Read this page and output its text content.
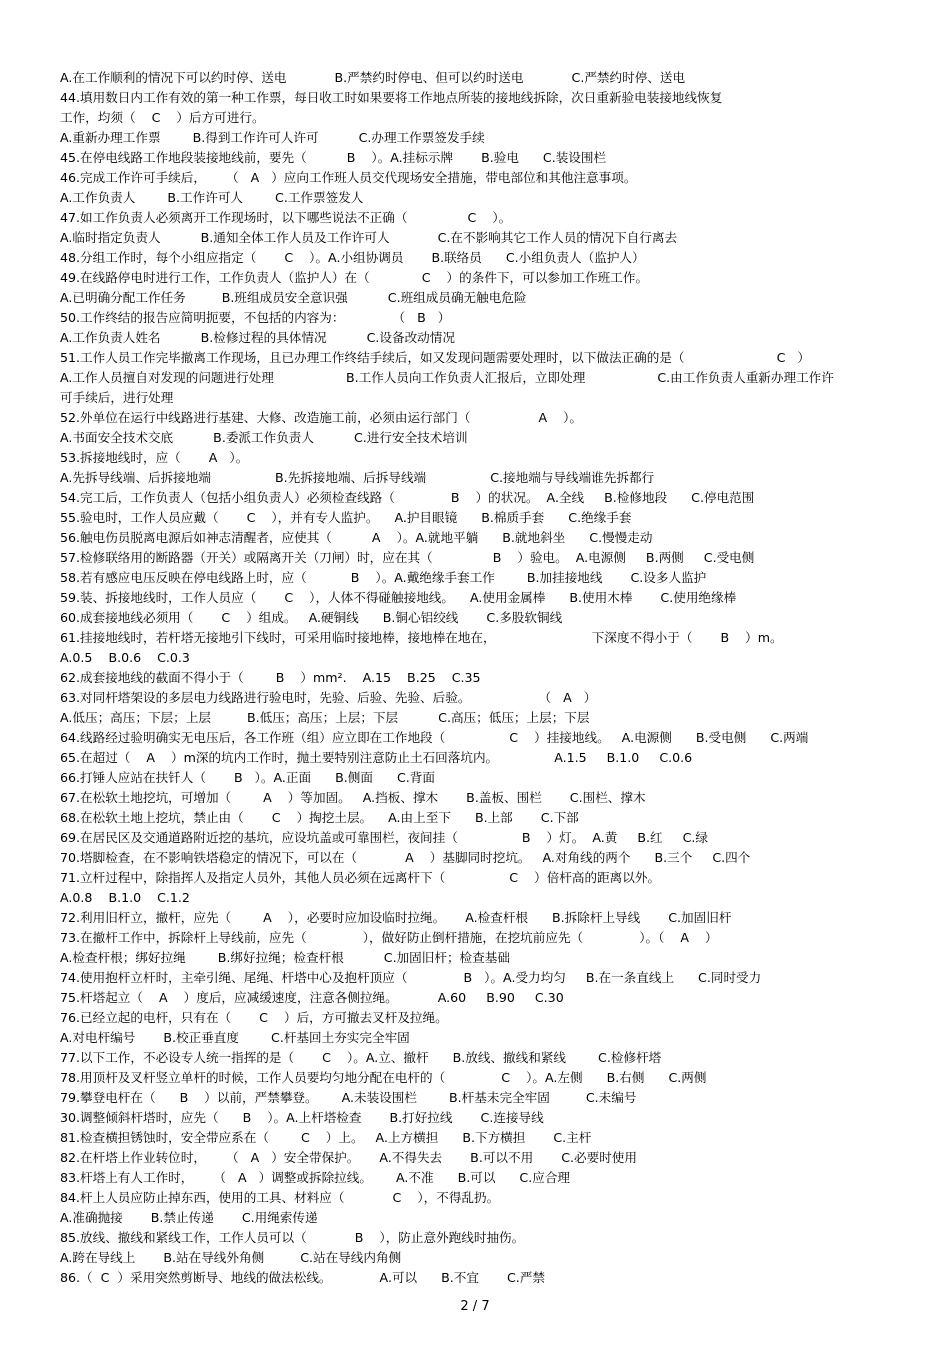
A.在工作顺利的情况下可以约时停、送电            B.严禁约时停电、但可以约时送电            C.严禁约时停、送电
44.填用数日内工作有效的第一种工作票，每日收工时如果要将工作地点所装的接地线拆除，次日重新验电装接地线恢复
工作，均须（    C    ）后方可进行。
A.重新办理工作票        B.得到工作许可人许可          C.办理工作票签发手续
45.在停电线路工作地段装接地线前，要先（          B    ）。A.挂标示牌       B.验电      C.装设围栏
46.完成工作许可手续后，     （   A   ）应向工作班人员交代现场安全措施，带电部位和其他注意事项。
A.工作负责人        B.工作许可人        C.工作票签发人
47.如工作负责人必须离开工作现场时，以下哪些说法不正确（               C    ）。
A.临时指定负责人          B.通知全体工作人员及工作许可人            C.在不影响其它工作人员的情况下自行离去
48.分组工作时，每个小组应指定（       C    ）。A.小组协调员       B.联络员      C.小组负责人（监护人）
49.在线路停电时进行工作，工作负责人（监护人）在（             C    ）的条件下，可以参加工作班工作。
A.已明确分配工作任务         B.班组成员安全意识强          C.班组成员确无触电危险
50.工作终结的报告应简明扼要，不包括的内容为：            （   B   ）
A.工作负责人姓名          B.检修过程的具体情况          C.设备改动情况
51.工作人员工作完毕撤离工作现场，且已办理工作终结手续后，如又发现问题需要处理时，以下做法正确的是（                       C   ）
A.工作人员擅自对发现的问题进行处理                  B.工作人员向工作负责人汇报后，立即处理                  C.由工作负责人重新办理工作许
可手续后，进行处理
52.外单位在运行中线路进行基建、大修、改造施工前，必须由运行部门（                 A    ）。
A.书面安全技术交底          B.委派工作负责人          C.进行安全技术培训
53.拆接地线时，应（       A   ）。
A.先拆导线端、后拆接地端                B.先拆接地端、后拆导线端                C.接地端与导线端谁先拆都行
54.完工后，工作负责人（包括小组负责人）必须检查线路（              B    ）的状况。  A.全线     B.检修地段      C.停电范围
55.验电时，工作人员应戴（       C    ），并有专人监护。    A.护目眼镜      B.棉质手套      C.绝缘手套
56.触电伤员脱离电源后如神志清醒者，应使其（          A    ）。A.就地平躺      B.就地斜坐      C.慢慢走动
57.检修联络用的断路器（开关）或隔离开关（刀闸）时，应在其（               B    ）验电。  A.电源侧     B.两侧     C.受电侧
58.若有感应电压反映在停电线路上时，应（           B    ）。A.戴绝缘手套工作        B.加挂接地线       C.设多人监护
59.装、拆接地线时，工作人员应（       C    ），人体不得碰触接地线。    A.使用金属棒      B.使用木棒       C.使用绝缘棒
60.成套接地线必须用（       C    ）组成。   A.硬铜线      B.铜心铝绞线       C.多股软铜线
61.挂接地线时，若杆塔无接地引下线时，可采用临时接地棒，接地棒在地在，                        下深度不得小于（       B    ）m。
A.0.5    B.0.6    C.0.3
62.成套接地线的截面不得小于（        B    ）mm².    A.15    B.25    C.35
63.对同杆塔架设的多层电力线路进行验电时，先验、后验、先验、后验。                 （   A   ）
A.低压；高压；下层；上层         B.低压；高压；上层；下层          C.高压；低压；上层；下层
64.线路经过验明确实无电压后，各工作班（组）应立即在工作地段（                C    ）挂接地线。   A.电源侧      B.受电侧      C.两端
65.在超过（    A    ）m深的坑内工作时，抛土要特别注意防止土石回落坑内。              A.1.5     B.1.0     C.0.6
66.打锤人应站在扶钎人（       B   ）。A.正面      B.侧面      C.背面
67.在松软土地挖坑，可增加（        A    ）等加固。   A.挡板、撑木       B.盖板、围栏       C.围栏、撑木
68.在松软土地上挖坑，禁止由（       C    ）掏挖土层。    A.由上至下      B.上部       C.下部
69.在居民区及交通道路附近挖的基坑，应设坑盖或可靠围栏，夜间挂（                B    ）灯。  A.黄     B.红     C.绿
70.塔脚检查，在不影响铁塔稳定的情况下，可以在（            A    ）基脚同时挖坑。   A.对角线的两个      B.三个     C.四个
71.立杆过程中，除指挥人及指定人员外，其他人员必须在远离杆下（                C    ）倍杆高的距离以外。
A.0.8    B.1.0    C.1.2
72.利用旧杆立，撤杆，应先（        A    ），必要时应加设临时拉绳。     A.检查杆根      B.拆除杆上导线       C.加固旧杆
73.在撤杆工作中，拆除杆上导线前，应先（              ），做好防止倒杆措施，在挖坑前应先（              ）。（    A    ）
A.检查杆根；绑好拉绳        B.绑好拉绳；检查杆根          C.加固旧杆；检查基础
74.使用抱杆立杆时，主牵引绳、尾绳、杆塔中心及抱杆顶应（              B   ）。A.受力均匀     B.在一条直线上      C.同时受力
75.杆塔起立（    A    ）度后，应减缓速度，注意各侧拉绳。          A.60     B.90     C.30
76.已经立起的电杆，只有在（       C    ）后，方可撤去叉杆及拉绳。
A.对电杆编号       B.校正垂直度        C.杆基回土夯实完全牢固
77.以下工作，不必设专人统一指挥的是（       C    ）。A.立、撤杆      B.放线、撤线和紧线        C.检修杆塔
78.用顶杆及叉杆竖立单杆的时候，工作人员要均匀地分配在电杆的（              C    ）。A.左侧      B.右侧      C.两侧
79.攀登电杆在（      B    ）以前，严禁攀登。      A.未装设围栏        B.杆基未完全牢固         C.未编号
30.调整倾斜杆塔时，应先（      B    ）。A.上杆塔检查       B.打好拉线       C.连接导线
81.检查横担锈蚀时，安全带应系在（        C    ）上。   A.上方横担      B.下方横担       C.主杆
82.在杆塔上作业转位时，     （   A   ）安全带保护。     A.不得失去       B.可以不用       C.必要时使用
83.杆塔上有人工作时，     （   A   ）调整或拆除拉线。      A.不准      B.可以      C.应合理
84.杆上人员应防止掉东西，使用的工具、材料应（            C    ），不得乱扔。
A.准确抛接       B.禁止传递       C.用绳索传递
85.放线、撤线和紧线工作，工作人员可以（            B    ），防止意外跑线时抽伤。
A.跨在导线上       B.站在导线外角侧         C.站在导线内角侧
86.（  C  ）采用突然剪断导、地线的做法松线。            A.可以      B.不宜       C.严禁
2 / 7
